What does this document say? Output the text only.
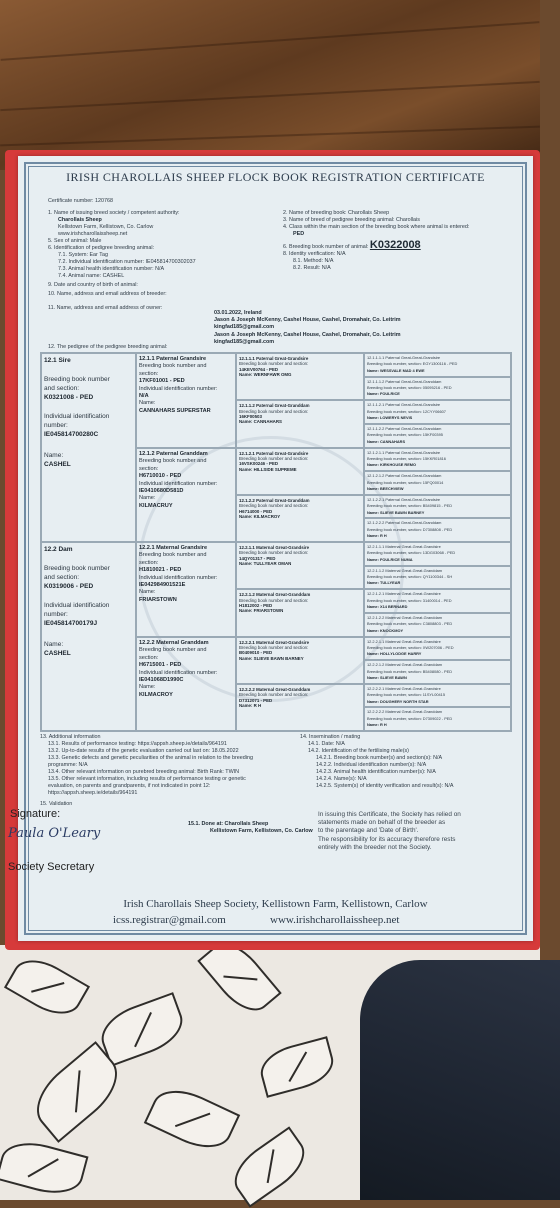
IRISH CHAROLLAIS SHEEP FLOCK BOOK REGISTRATION CERTIFICATE
Certificate number: 120768
1. Name of issuing breed society / competent authority:
Charollais Sheep
Kellistown Farm, Kellistown, Co. Carlow
www.irishcharollaissheep.net
5. Sex of animal: Male
6. Identification of pedigree breeding animal:
7.1. System: Ear Tag
7.2. Individual identification number: IE045814700302037
7.3. Animal health identification number: N/A
7.4. Animal name: CASHEL
9. Date and country of birth of animal:
10. Name, address and email address of breeder:

11. Name, address and email address of owner:
2. Name of breeding book: Charollais Sheep
3. Name of breed of pedigree breeding animal: Charollais
4. Class within the main section of the breeding book where animal is entered:
PED
6. Breeding book number of animal: K0322008
8. Identity verification: N/A
8.1. Method: N/A
8.2. Result: N/A
03.01.2022, Ireland
Jason & Joseph McKenny, Cashel House, Cashel, Dromahair, Co. Leitrim
kingfad185@gmail.com
Jason & Joseph McKenny, Cashel House, Cashel, Dromahair, Co. Leitrim
kingfad185@gmail.com
12. The pedigree of the pedigree breeding animal:
12.1 Sire
Breeding book number
and section:
K0321008 - PED
Individual identification
number:
IE045814700280C
Name:
CASHEL
12.2 Dam
Breeding book number
and section:
K0319006 - PED
Individual identification
number:
IE045814700179J
Name:
CASHEL
12.1.1 Paternal Grandsire
Breeding book number and
section:
17KF01001 - PED
Individual identification number:
N/A
Name:
CANNAHARS SUPERSTAR
12.1.2 Paternal Granddam
Breeding book number and
section:
H6710010 - PED
Individual identification number:
IE0410680D581D
Name:
KILMACRUY
12.2.1 Maternal Grandsire
Breeding book number and
section:
H1810021 - PED
Individual identification number:
IE042984901521E
Name:
FRIARSTOWN
12.2.2 Maternal Granddam
Breeding book number and
section:
H6715001 - PED
Individual identification number:
IE041068D1990C
Name:
KILMACROY
12.1.1.1 Paternal Great-Grandsire
Breeding book number and section:
14KEV00764 - PED
Name: WERNFAWR OMG
12.1.1.2 Paternal Great-Granddam
Breeding book number and section:
16KF00503
Name: CANNAHARS
12.1.2.1 Paternal Great-Grandsire
Breeding book number and section:
16VSK00246 - PED
Name: HILLSIDE SUPREME
12.1.2.2 Paternal Great-Granddam
Breeding book number and section:
H6714000 - PED
Name: KILMACROY
12.2.1.1 Maternal Great-Grandsire
Breeding book number and section:
14QY01317 - PED
Name: TULLYEAR OMAN
12.2.1.2 Maternal Great-Granddam
Breeding book number and section:
H1812002 - PED
Name: FRIARSTOWN
12.2.2.1 Maternal Great-Grandsire
Breeding book number and section:
B0409010 - PED
Name: SLIEVE BAWN BARNEY
12.2.2.2 Maternal Great-Granddam
Breeding book number and section:
D7312071 - PED
Name: R H
12.1.1.1.1 Paternal Great-Great-Grandsire
Breeding book number, section: EGY1300116 - PED
Name: WESSVALE MAD 4 EWE
12.1.1.1.2 Paternal Great-Great-Granddam
Breeding book number, section: 05095216 - PED
Name: FOULRICE
12.1.1.2.1 Paternal Great-Great-Grandsire
Breeding book number, section: 12CYY06607
Name: LOWERYS NEVIS
12.1.1.2.2 Paternal Great-Great-Granddam
Breeding book number, section: 15KF00395
Name: CANNAHARS
12.1.2.1.1 Paternal Great-Great-Grandsire
Breeding book number, section: 15KKR01816
Name: KIRKHOUSE REMO
12.1.2.1.2 Paternal Great-Great-Granddam
Breeding book number, section: 15FQ00014
Name: BEECHVIEW
12.1.2.2.1 Paternal Great-Great-Grandsire
Breeding book number, section: B5409815 - PED
Name: SLIEVE BAWN BARNEY
12.1.2.2.2 Paternal Great-Great-Granddam
Breeding book number, section: D7308808 - PED
Name: R H
12.2.1.1.1 Maternal Great-Great-Grandsire
Breeding book number, section: 13DG03068 - PED
Name: FOULRICE NUMA
12.2.1.1.2 Maternal Great-Great-Granddam
Breeding book number, section: QY1100344 - SH
Name: TULLYEAR
12.2.1.2.1 Maternal Great-Great-Grandsire
Breeding book number, section: 31400014 - PED
Name: X14 BERNARD
12.2.1.2.2 Maternal Great-Great-Granddam
Breeding book number, section: C3808803 - PED
Name: KNOCKMOY
12.2.2.1.1 Maternal Great-Great-Grandsire
Breeding book number, section: XW207006 - PED
Name: HOLLYLODGE HARRY
12.2.2.1.2 Maternal Great-Great-Granddam
Breeding book number, section: B5408080 - PED
Name: SLIEVE BAWN
12.2.2.2.1 Maternal Great-Great-Grandsire
Breeding book number, section: 11SYL00415
Name: DOUGHERY NORTH STAR
12.2.2.2.2 Maternal Great-Great-Granddam
Breeding book number, section: D7309022 - PED
Name: R H
13. Additional information
13.1. Results of performance testing: https://appsh.sheep.ie/details/964191
13.2. Up-to-date results of the genetic evaluation carried out last on: 18.05.2022
13.3. Genetic defects and genetic peculiarities of the animal in relation to the breeding
programme: N/A
13.4. Other relevant information on purebred breeding animal: Birth Rank: TWIN
13.5. Other relevant information, including results of performance testing or genetic
evaluation, on parents and grandparents, if not indicated in point 12:
https://appsh.sheep.ie/details/964191
15. Validation
15.1. Done at: Charollais Sheep
Kellistown Farm, Kellistown, Co. Carlow
14. Insemination / mating
14.1. Date: N/A
14.2. Identification of the fertilising male(s)
14.2.1. Breeding book number(s) and section(s): N/A
14.2.2. Individual identification number(s): N/A
14.2.3. Animal health identification number(s): N/A
14.2.4. Name(s): N/A
14.2.5. System(s) of identity verification and result(s): N/A
In issuing this Certificate, the Society has relied on
statements made on behalf of the breeder as
to the parentage and 'Date of Birth'.
The responsibility for its accuracy therefore rests
entirely with the breeder not the Society.
Signature:
Paula O'Leary
Society Secretary
Irish Charollais Sheep Society, Kellistown Farm, Kellistown, Carlow
icss.registrar@gmail.com	www.irishcharollaissheep.net
